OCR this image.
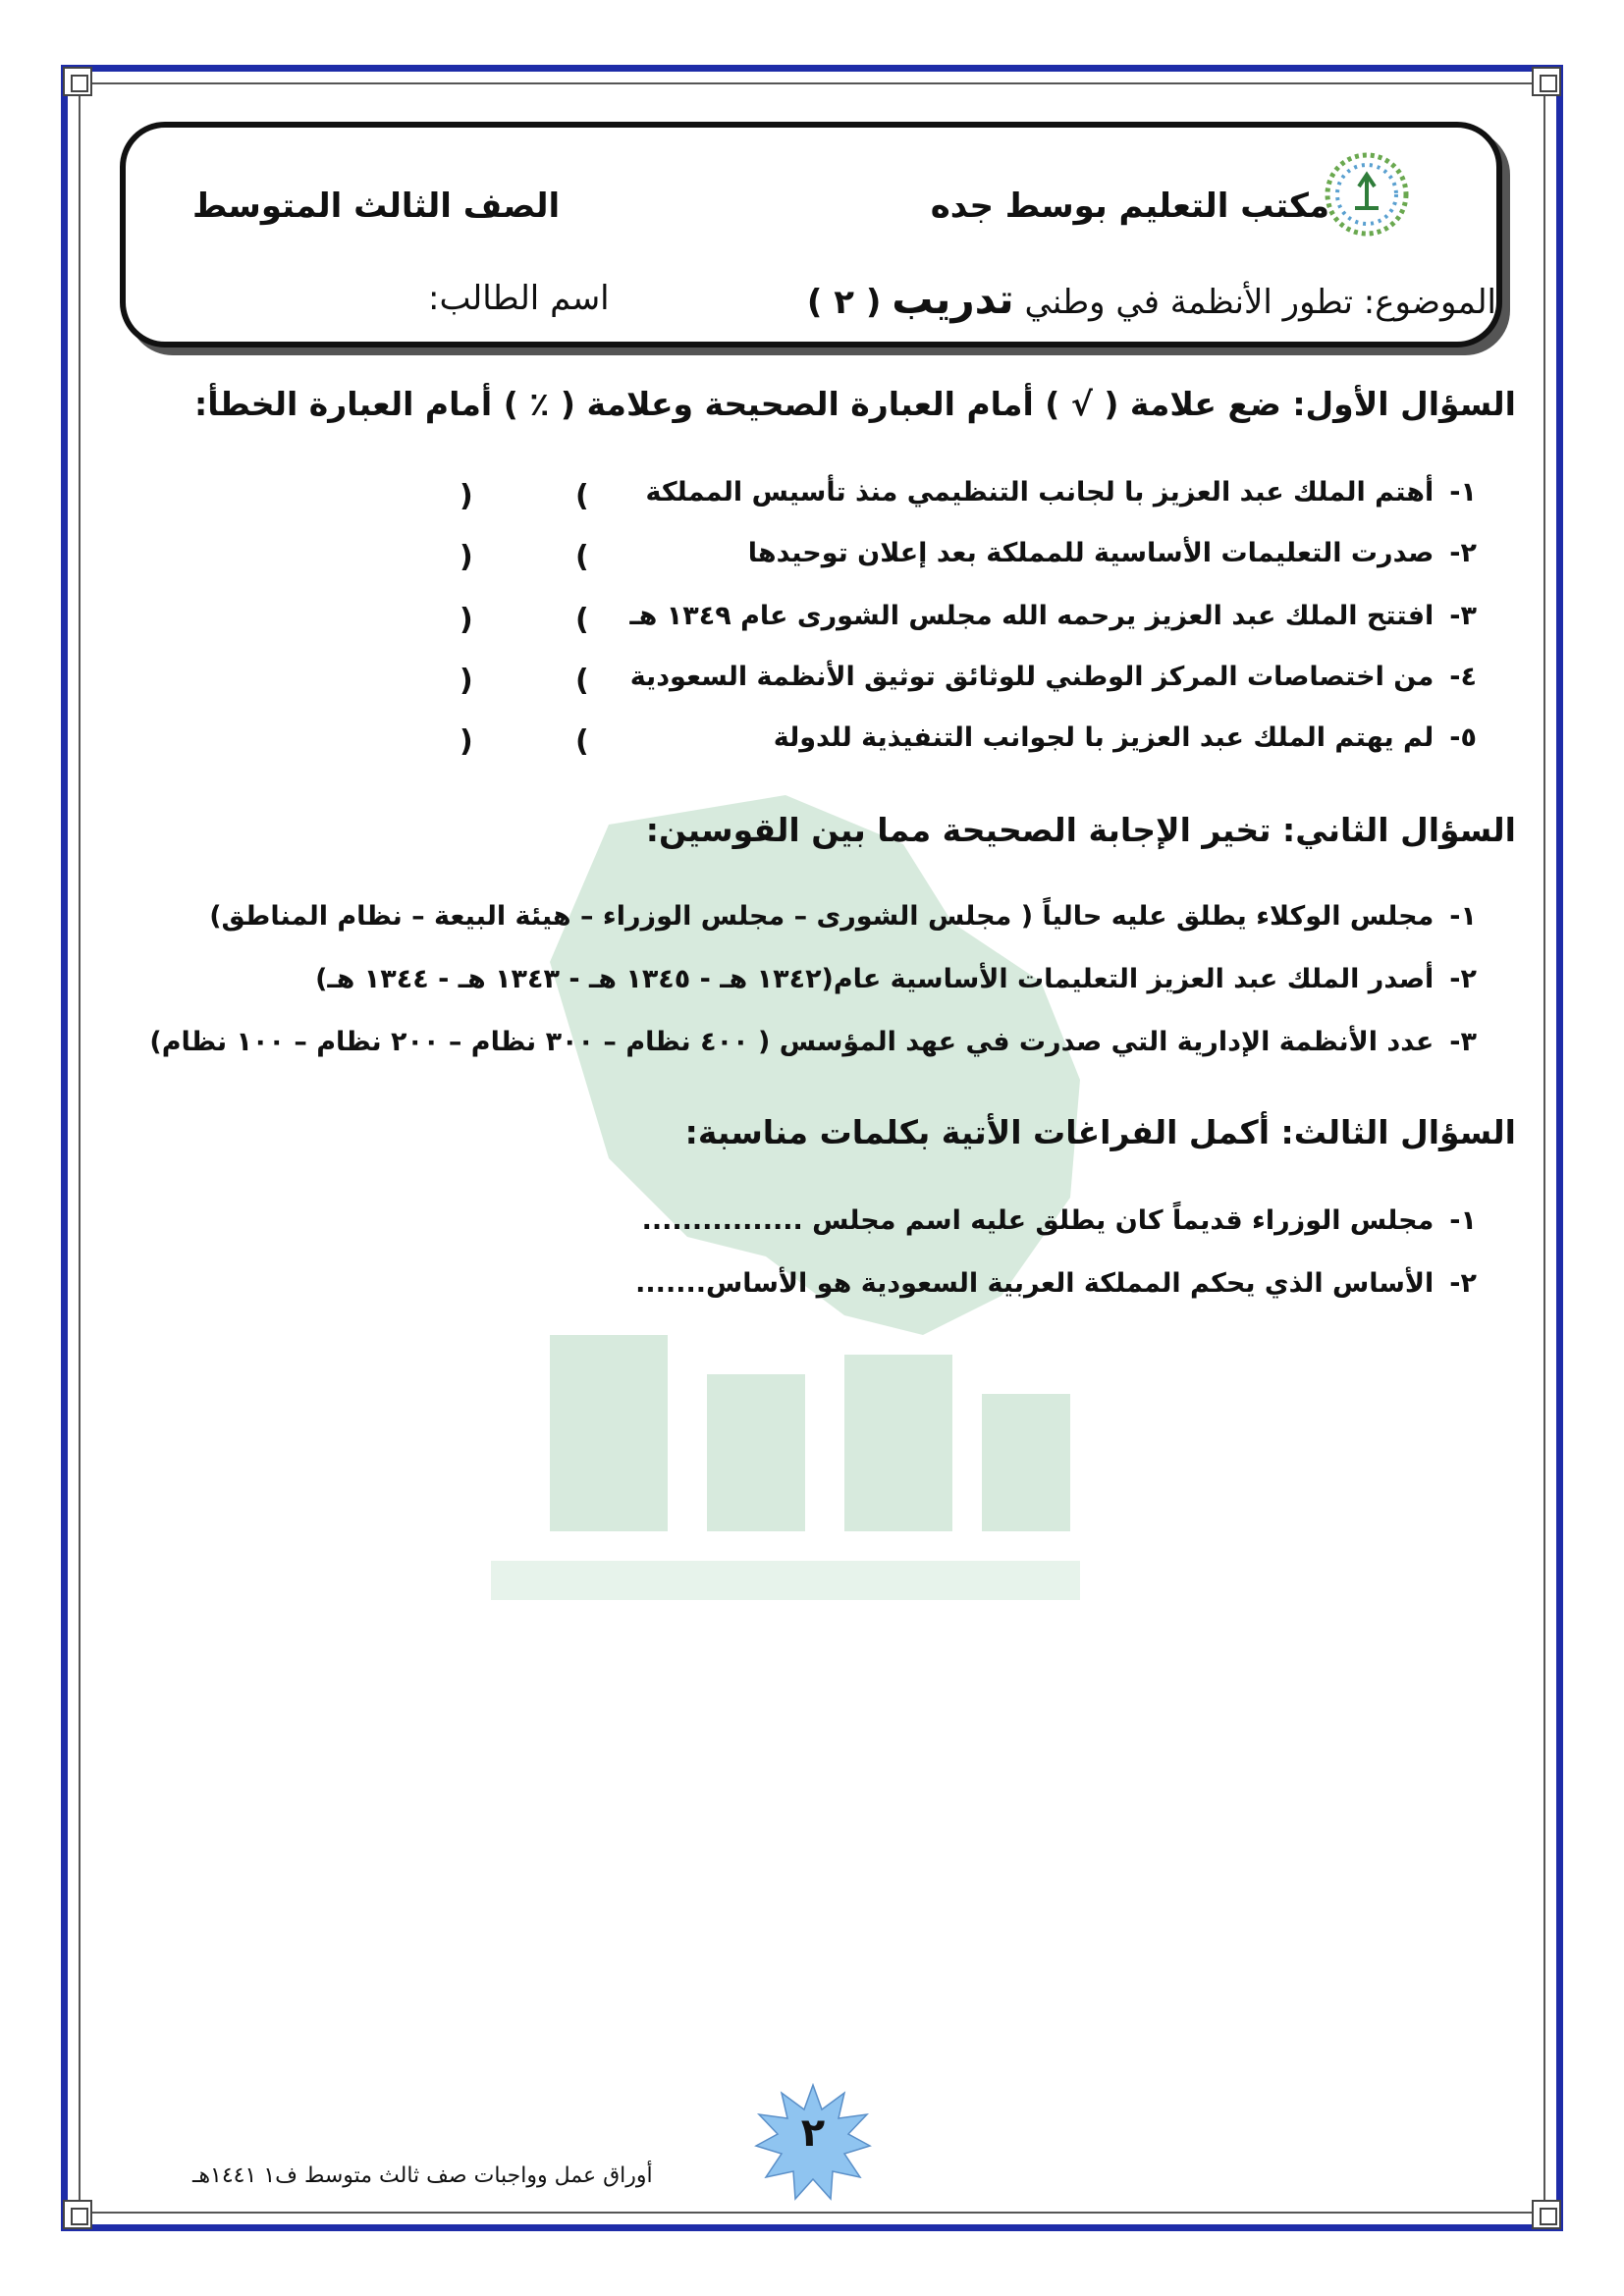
مكتب التعليم بوسط جده
الصف الثالث المتوسط
الموضوع: تطور الأنظمة في وطني تدريب ( ٢ )
اسم الطالب:
السؤال الأول: ضع علامة ( √ ) أمام العبارة الصحيحة وعلامة ( ٪ ) أمام العبارة الخطأ:
١-أهتم الملك عبد العزيز با لجانب التنظيمي منذ تأسيس المملكة
(
)
٢-صدرت التعليمات الأساسية للمملكة بعد إعلان توحيدها
(
)
٣-افتتح الملك عبد العزيز يرحمه الله مجلس الشورى عام ١٣٤٩ هـ
(
)
٤-من اختصاصات المركز الوطني للوثائق توثيق الأنظمة السعودية
(
)
٥-لم يهتم الملك عبد العزيز با لجوانب التنفيذية للدولة
(
)
السؤال الثاني: تخير الإجابة الصحيحة مما بين القوسين:
١-مجلس الوكلاء يطلق عليه حالياً ( مجلس الشورى – مجلس الوزراء – هيئة البيعة – نظام المناطق)
٢-أصدر الملك عبد العزيز التعليمات الأساسية عام(١٣٤٢ هـ - ١٣٤٥ هـ - ١٣٤٣ هـ - ١٣٤٤ هـ)
٣-عدد الأنظمة الإدارية التي صدرت في عهد المؤسس ( ٤٠٠ نظام – ٣٠٠ نظام – ٢٠٠ نظام – ١٠٠ نظام)
السؤال الثالث: أكمل الفراغات الأتية بكلمات مناسبة:
١-مجلس الوزراء قديماً كان يطلق عليه اسم مجلس ................
٢-الأساس الذي يحكم المملكة العربية السعودية هو الأساس.......
٢
أوراق عمل وواجبات صف ثالث متوسط ف١ ١٤٤١هـ
